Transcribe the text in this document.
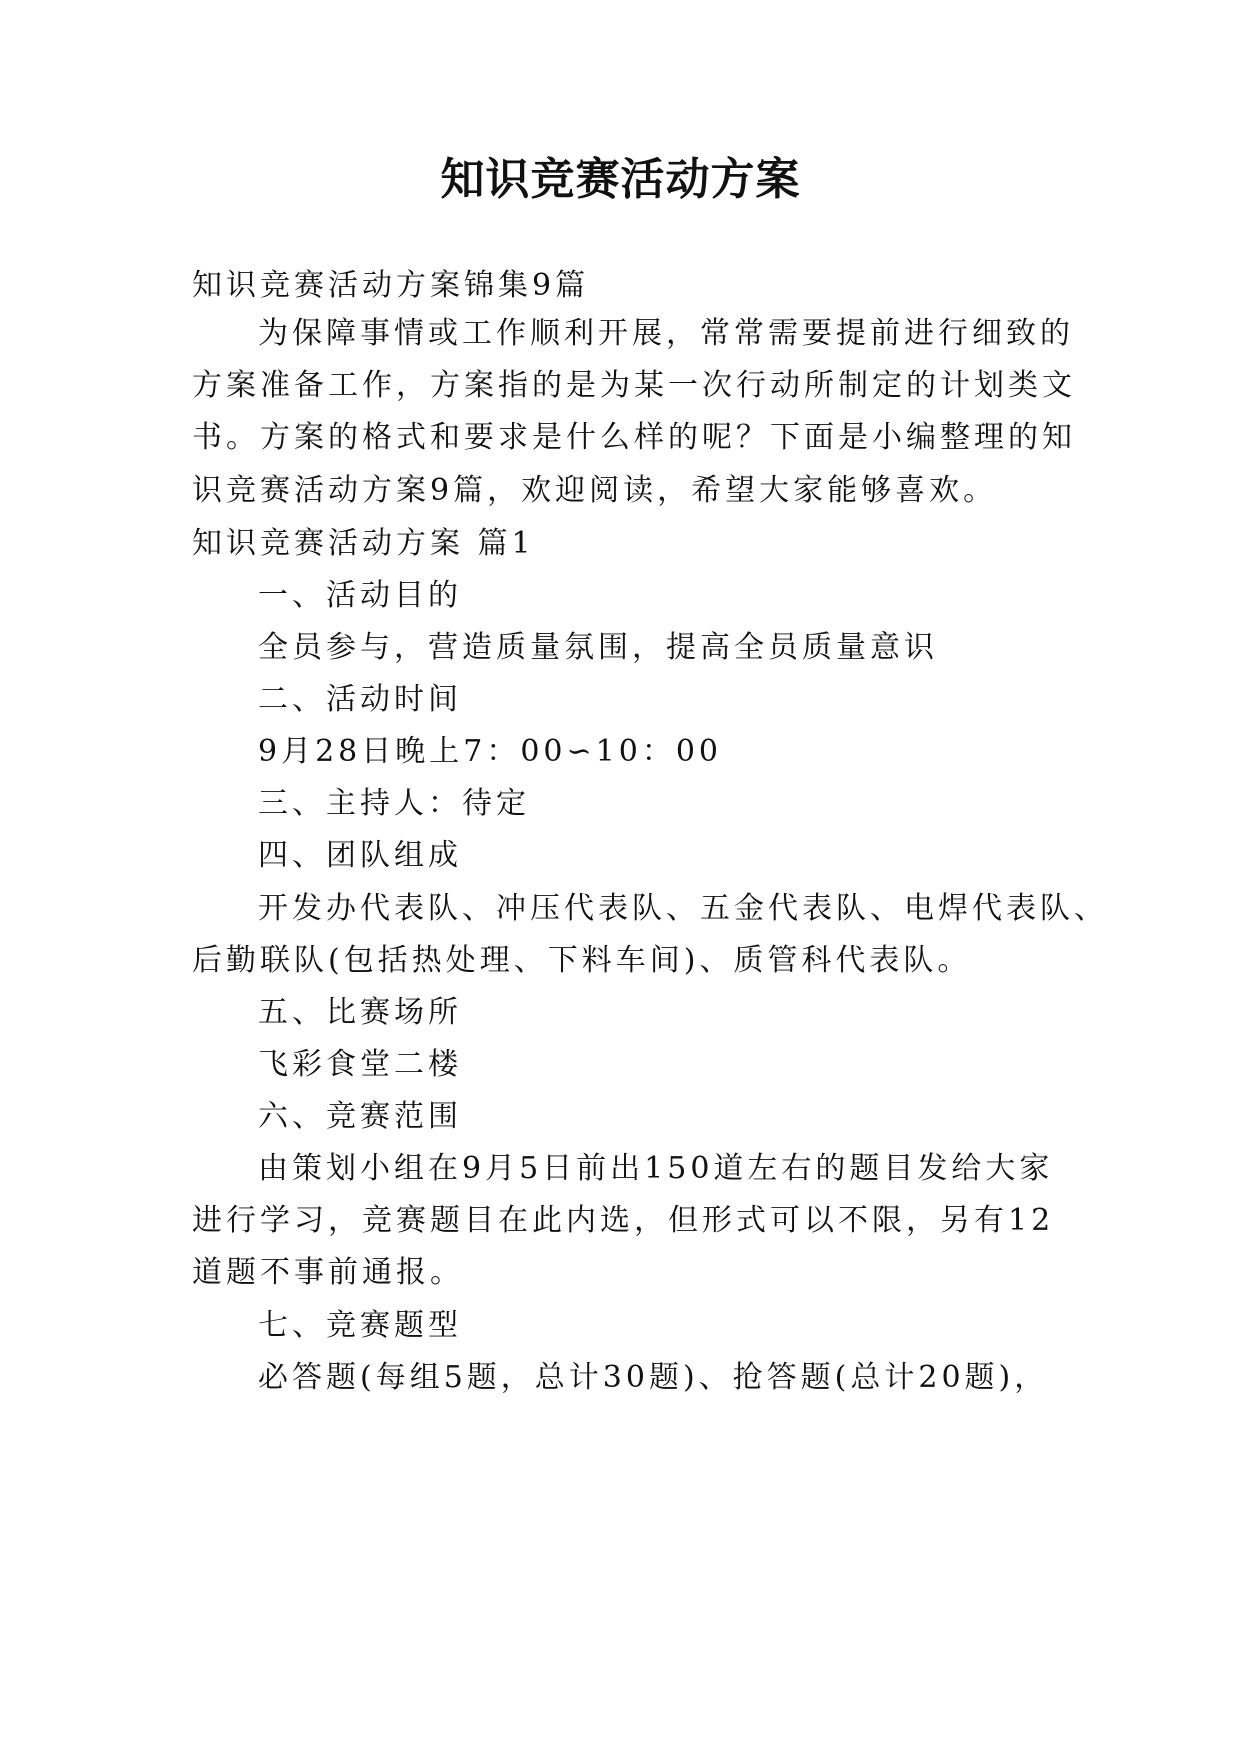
知识竞赛活动方案

知识竞赛活动方案锦集9篇

为保障事情或工作顺利开展，常常需要提前进行细致的

方案准备工作，方案指的是为某一次行动所制定的计划类文

书。方案的格式和要求是什么样的呢？下面是小编整理的知

识竞赛活动方案9篇，欢迎阅读，希望大家能够喜欢。

知识竞赛活动方案 篇1

一、活动目的

全员参与，营造质量氛围，提高全员质量意识

二、活动时间

9月28日晚上7：00∽10：00

三、主持人：待定

四、团队组成

开发办代表队、冲压代表队、五金代表队、电焊代表队、

后勤联队(包括热处理、下料车间)、质管科代表队。

五、比赛场所

飞彩食堂二楼

六、竞赛范围

由策划小组在9月5日前出150道左右的题目发给大家

进行学习，竞赛题目在此内选，但形式可以不限，另有12

道题不事前通报。

七、竞赛题型

必答题(每组5题，总计30题)、抢答题(总计20题)，
